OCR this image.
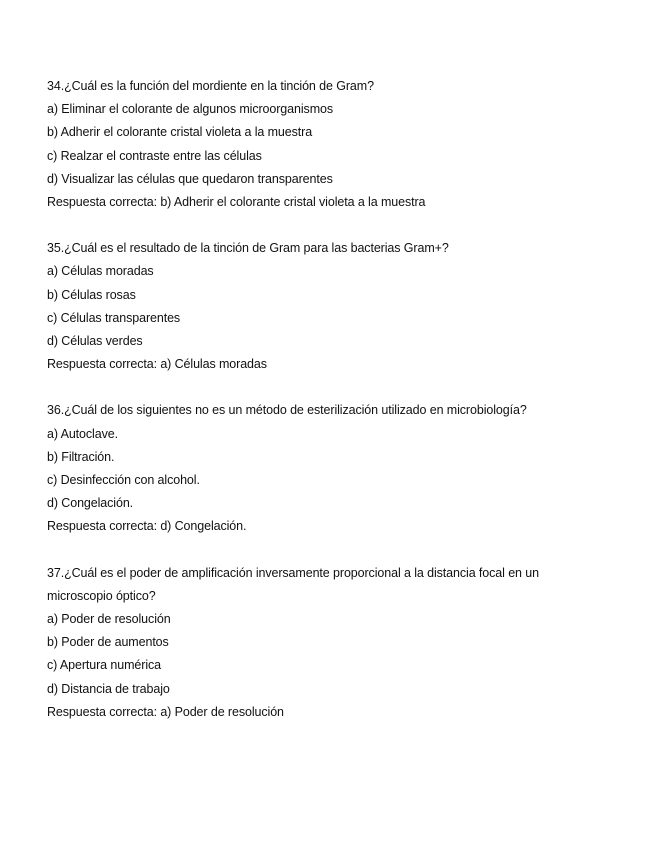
34.¿Cuál es la función del mordiente en la tinción de Gram?
a) Eliminar el colorante de algunos microorganismos
b) Adherir el colorante cristal violeta a la muestra
c) Realzar el contraste entre las células
d) Visualizar las células que quedaron transparentes
Respuesta correcta: b) Adherir el colorante cristal violeta a la muestra
35.¿Cuál es el resultado de la tinción de Gram para las bacterias Gram+?
a) Células moradas
b) Células rosas
c) Células transparentes
d) Células verdes
Respuesta correcta: a) Células moradas
36.¿Cuál de los siguientes no es un método de esterilización utilizado en microbiología?
a) Autoclave.
b) Filtración.
c) Desinfección con alcohol.
d) Congelación.
Respuesta correcta: d) Congelación.
37.¿Cuál es el poder de amplificación inversamente proporcional a la distancia focal en un
microscopio óptico?
a) Poder de resolución
b) Poder de aumentos
c) Apertura numérica
d) Distancia de trabajo
Respuesta correcta: a) Poder de resolución
